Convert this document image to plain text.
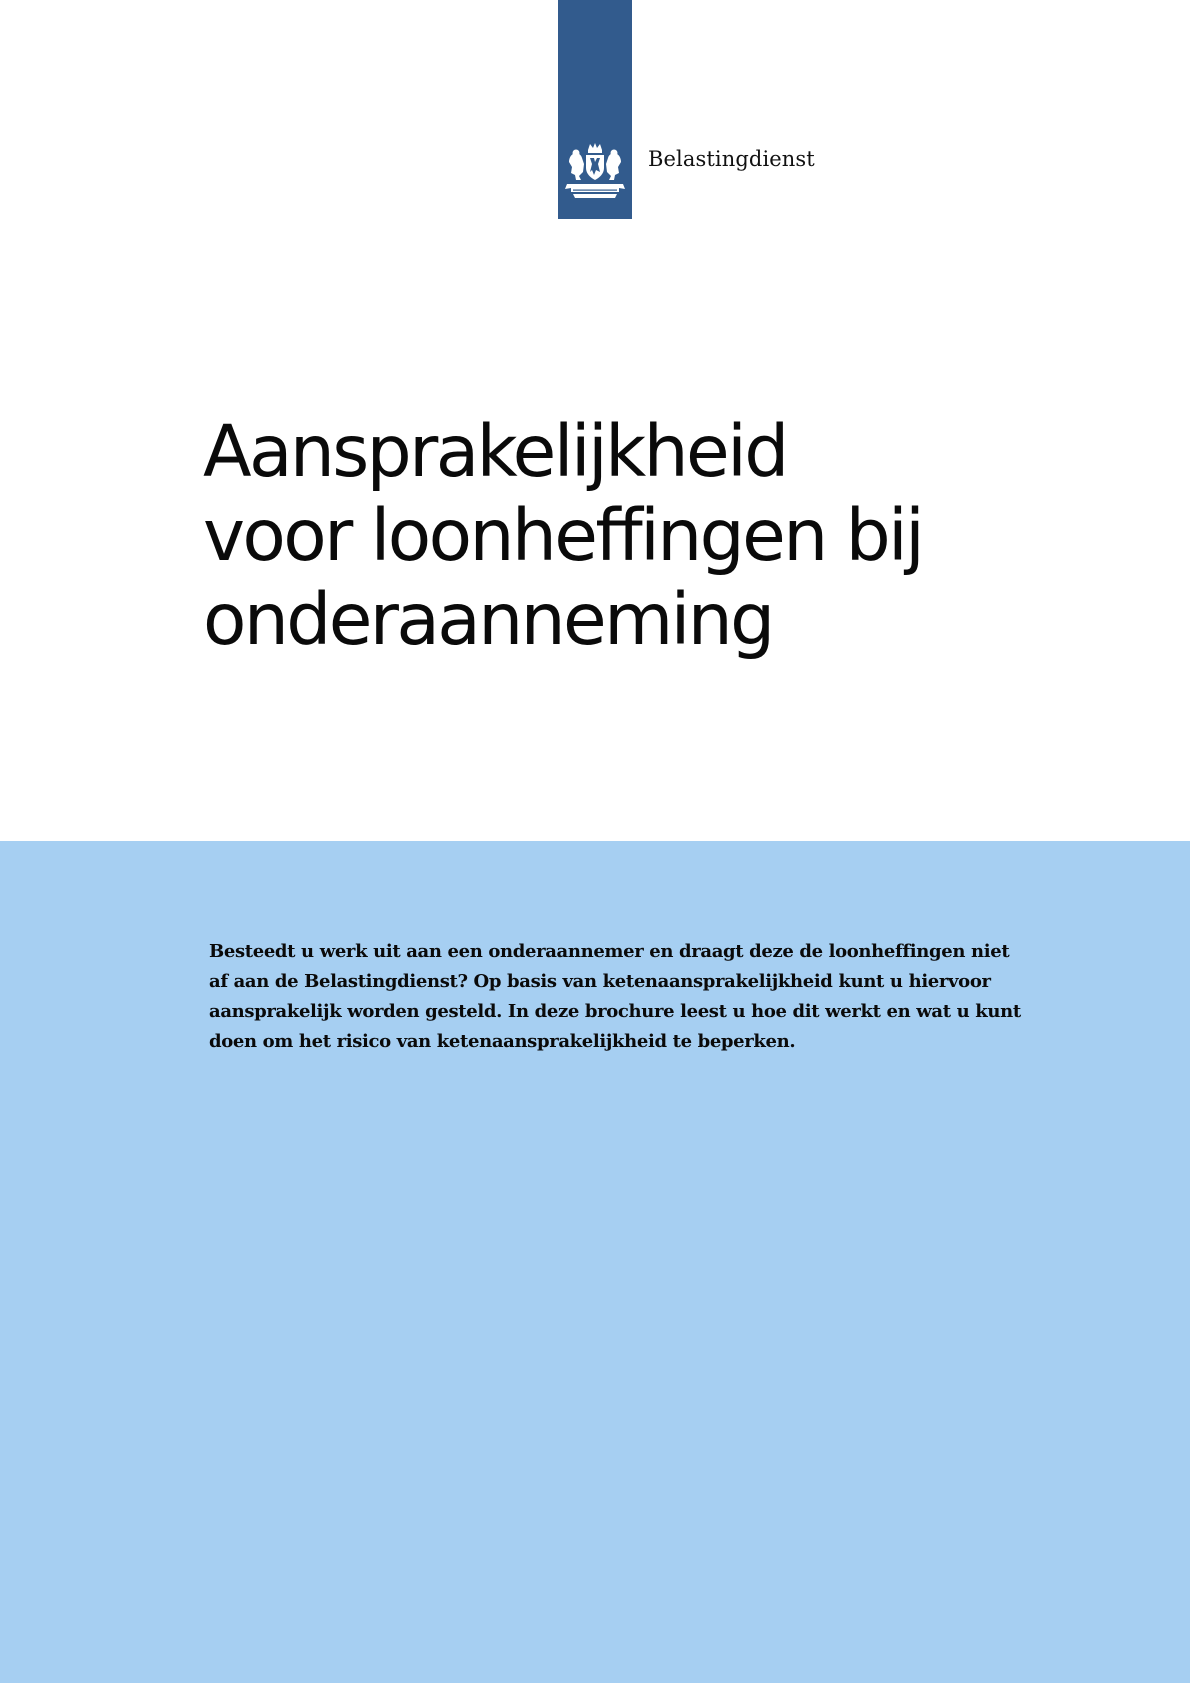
Belastingdienst
Aansprakelijkheid
voor loonheffingen bij
onderaanneming

Besteedt u werk uit aan een onderaannemer en draagt deze de loonheffingen niet
af aan de Belastingdienst? Op basis van ketenaansprakelijkheid kunt u hiervoor
aansprakelijk worden gesteld. In deze brochure leest u hoe dit werkt en wat u kunt
doen om het risico van ketenaansprakelijkheid te beperken.
